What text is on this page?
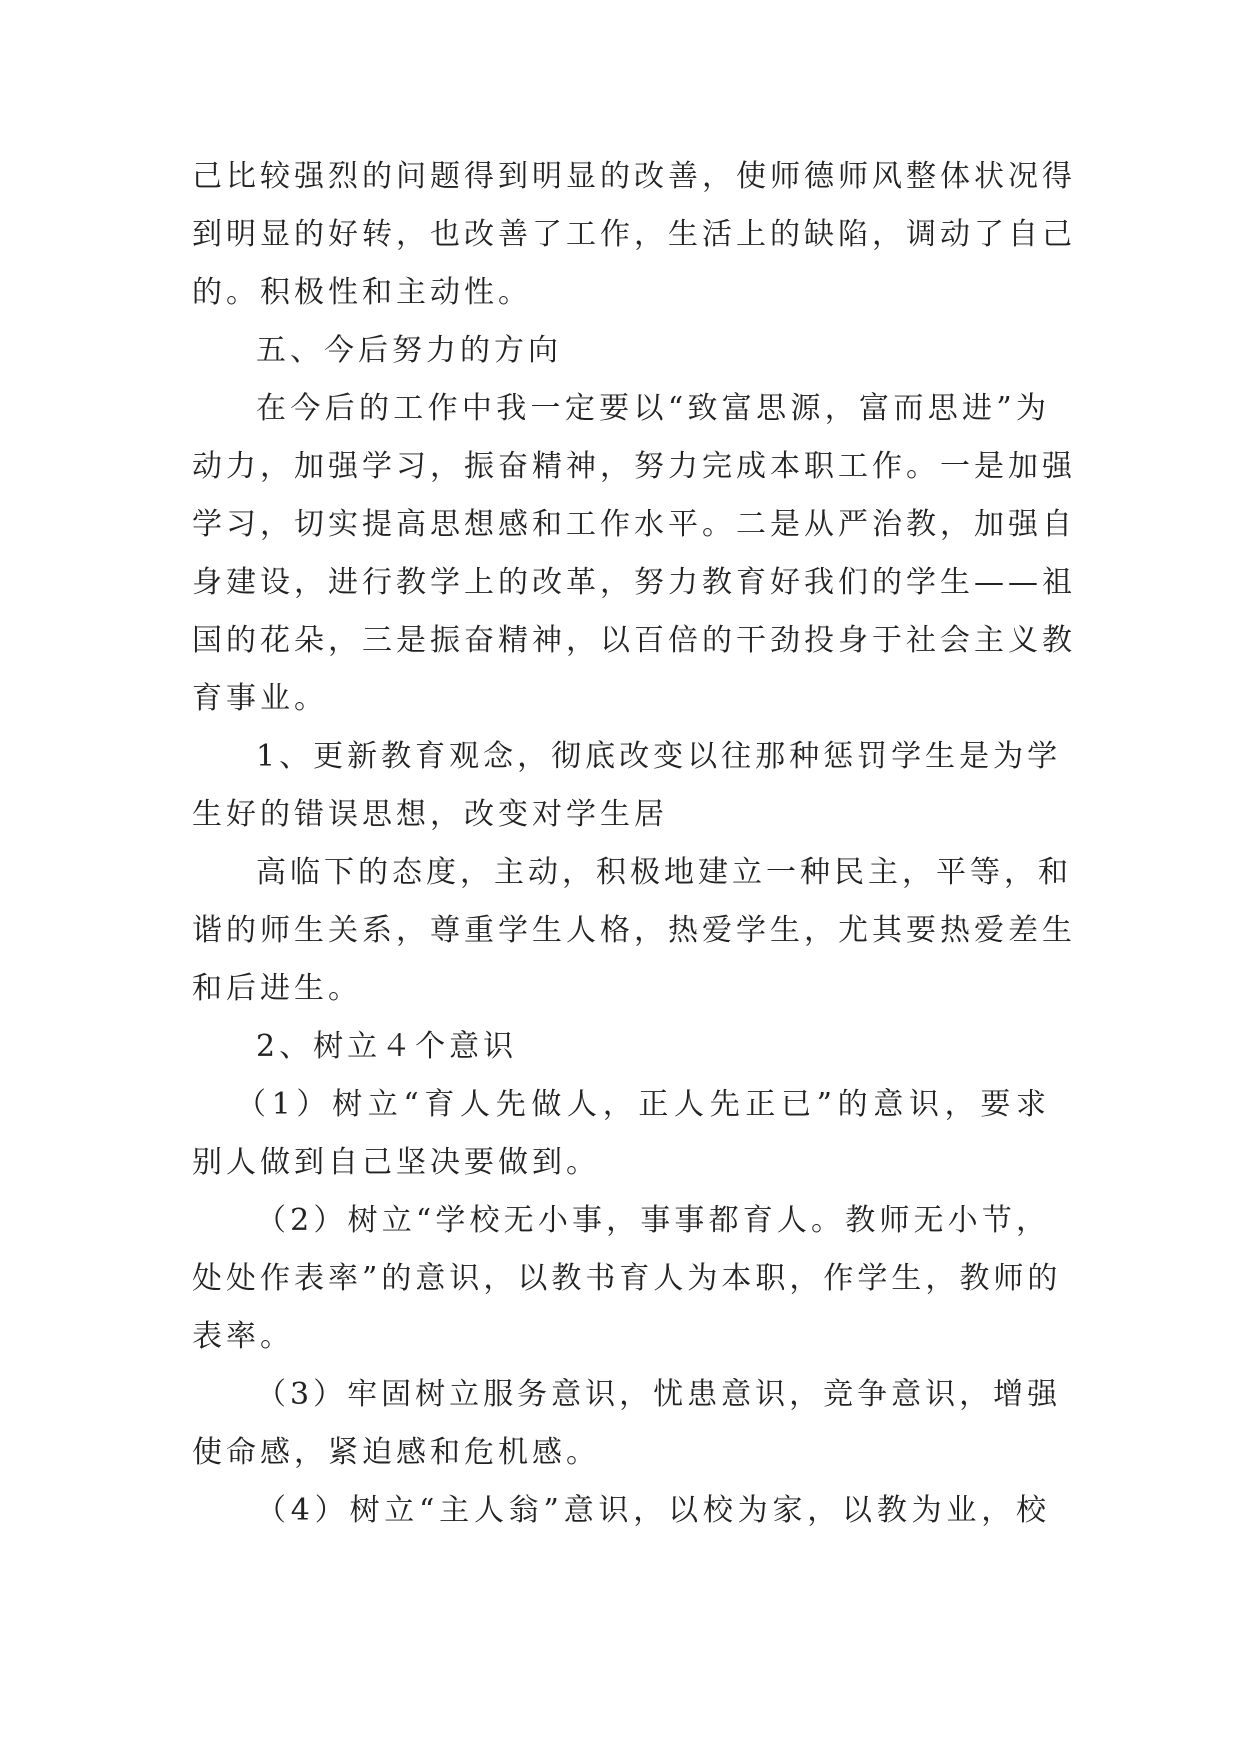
己比较强烈的问题得到明显的改善，使师德师风整体状况得
到明显的好转，也改善了工作，生活上的缺陷，调动了自己
的。积极性和主动性。
五、今后努力的方向
在今后的工作中我一定要以“致富思源，富而思进”为
动力，加强学习，振奋精神，努力完成本职工作。一是加强
学习，切实提高思想感和工作水平。二是从严治教，加强自
身建设，进行教学上的改革，努力教育好我们的学生——祖
国的花朵，三是振奋精神，以百倍的干劲投身于社会主义教
育事业。
1、更新教育观念，彻底改变以往那种惩罚学生是为学
生好的错误思想，改变对学生居
高临下的态度，主动，积极地建立一种民主，平等，和
谐的师生关系，尊重学生人格，热爱学生，尤其要热爱差生
和后进生。
2、树立４个意识
（1）树立“育人先做人，正人先正已”的意识，要求
别人做到自己坚决要做到。
（2）树立“学校无小事，事事都育人。教师无小节，
处处作表率”的意识，以教书育人为本职，作学生，教师的
表率。
（3）牢固树立服务意识，忧患意识，竞争意识，增强
使命感，紧迫感和危机感。
（4）树立“主人翁”意识，以校为家，以教为业，校
